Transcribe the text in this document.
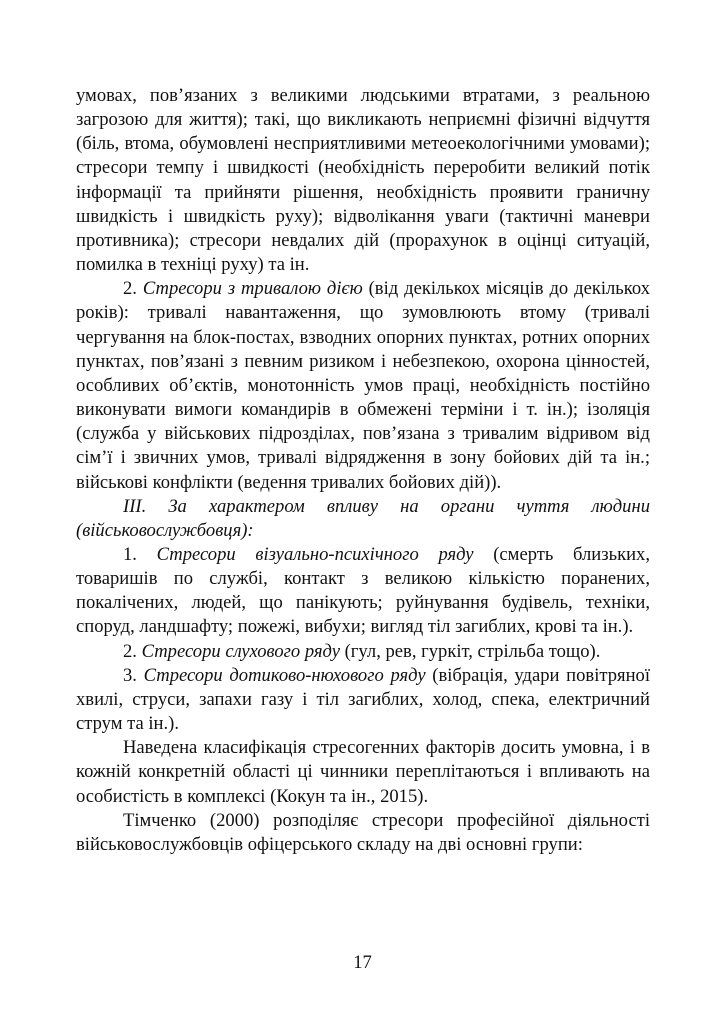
умовах, пов’язаних з великими людськими втратами, з реальною загрозою для життя); такі, що викликають неприємні фізичні відчуття (біль, втома, обумовлені несприятливими метеоекологічними умовами); стресори темпу і швидкості (необхідність переробити великий потік інформації та прийняти рішення, необхідність проявити граничну швидкість і швидкість руху); відволікання уваги (тактичні маневри противника); стресори невдалих дій (прорахунок в оцінці ситуацій, помилка в техніці руху) та ін.

2. Стресори з тривалою дією (від декількох місяців до декількох років): тривалі навантаження, що зумовлюють втому (тривалі чергування на блок-постах, взводних опорних пунктах, ротних опорних пунктах, пов’язані з певним ризиком і небезпекою, охорона цінностей, особливих об’єктів, монотонність умов праці, необхідність постійно виконувати вимоги командирів в обмежені терміни і т. ін.); ізоляція (служба у військових підрозділах, пов’язана з тривалим відривом від сім’ї і звичних умов, тривалі відрядження в зону бойових дій та ін.; військові конфлікти (ведення тривалих бойових дій)).

ІІІ. За характером впливу на органи чуття людини (військовослужбовця):

1. Стресори візуально-психічного ряду (смерть близьких, товаришів по службі, контакт з великою кількістю поранених, покалічених, людей, що панікують; руйнування будівель, техніки, споруд, ландшафту; пожежі, вибухи; вигляд тіл загиблих, крові та ін.).

2. Стресори слухового ряду (гул, рев, гуркіт, стрільба тощо).

3. Стресори дотиково-нюхового ряду (вібрація, удари повітряної хвилі, струси, запахи газу і тіл загиблих, холод, спека, електричний струм та ін.).

Наведена класифікація стресогенних факторів досить умовна, і в кожній конкретній області ці чинники переплітаються і впливають на особистість в комплексі (Кокун та ін., 2015).

Тімченко (2000) розподіляє стресори професійної діяльності військовослужбовців офіцерського складу на дві основні групи:

17
